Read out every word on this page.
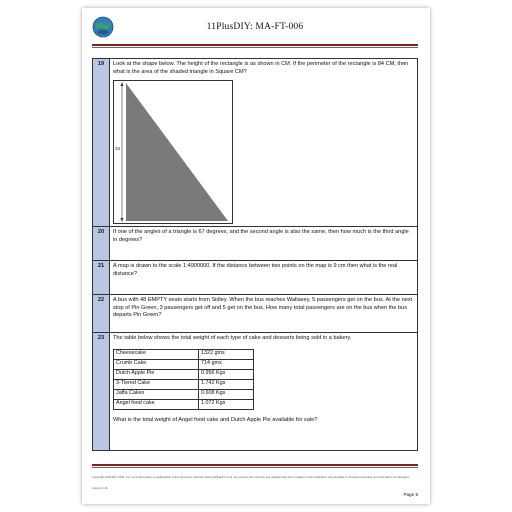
11PlusDIY: MA-FT-006
19	Look at the shape below. The height of the rectangle is as shown in CM. If the perimeter of the rectangle is 84 CM, then what is the area of the shaded triangle in Square CM?
34

20	If one of the angles of a triangle is 67 degrees, and the second angle is also the same, then how much is the third angle in degrees?
21	A map is drawn to the scale 1:4900000. If the distance between two points on the map is 9 cm then what is the real distance?
22	A bus with 48 EMPTY seats starts from Sidley. When the bus reaches Wallasey, 5 passengers get on the bus. At the next stop of Pin Green, 3 passengers get off and 5 get on the bus. How many total passengers are on the bus when the bus departs Pin Green?
23	The table below shows the total weight of each type of cake and desserts being sold in a bakery.
Cheesecake	1322 gms
Crumb Cake	714 gms
Dutch Apple Pie	0.956 Kgs
3-Tiered Cake	1.742 Kgs
Jaffa Cakes	0.608 Kgs
Angel food cake	1.072 Kgs
What is the total weight of Angel food cake and Dutch Apple Pie available for sale?
Copyright 11PlusDIY 2011. For more information on authenticity of this document visit http://www.11PlusDIY.co.uk. Any person who commits any unauthorised act in relation to this publication may be liable to criminal prosecution and civil claims for damages.
Version 1.10
Page 5
